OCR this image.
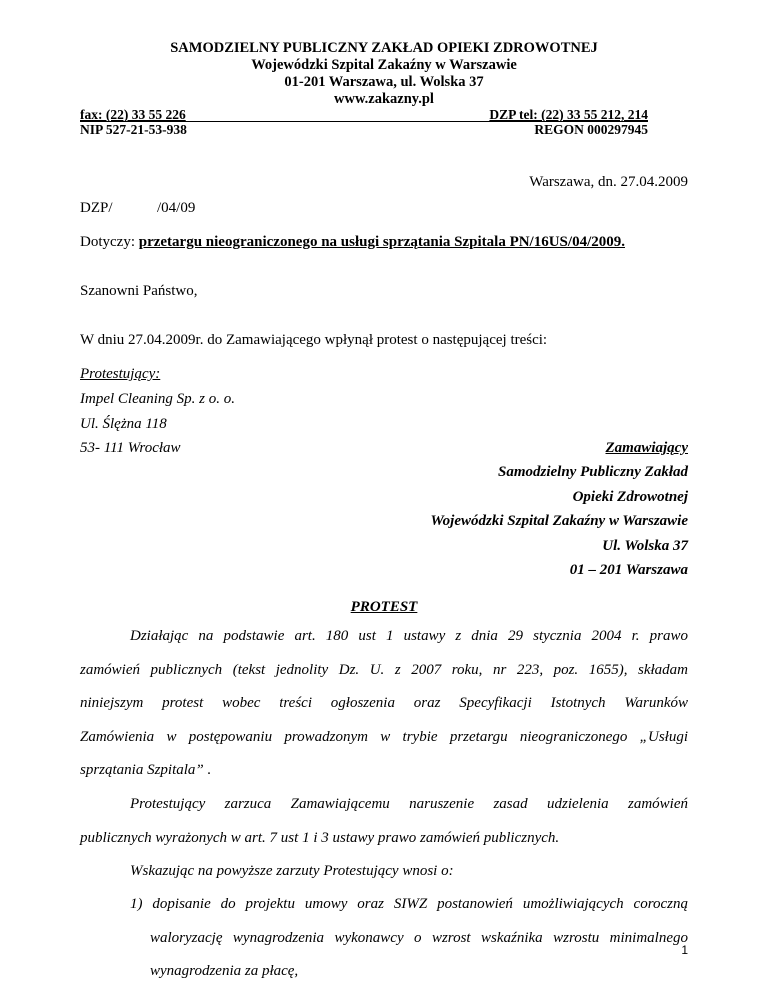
SAMODZIELNY PUBLICZNY ZAKŁAD OPIEKI ZDROWOTNEJ
Wojewódzki Szpital Zakaźny w Warszawie
01-201 Warszawa, ul. Wolska 37
www.zakazny.pl
fax: (22) 33 55 226	DZP tel: (22) 33 55 212, 214
NIP 527-21-53-938	REGON 000297945
Warszawa, dn. 27.04.2009
DZP/	/04/09
Dotyczy: przetargu nieograniczonego na usługi sprzątania Szpitala PN/16US/04/2009.
Szanowni Państwo,
W dniu 27.04.2009r. do Zamawiającego wpłynął protest o następującej treści:
Protestujący:
Impel Cleaning Sp. z o. o.
Ul. Ślężna 118
53- 111 Wrocław	Zamawiający
Samodzielny Publiczny Zakład
Opieki Zdrowotnej
Wojewódzki Szpital Zakaźny w Warszawie
Ul. Wolska 37
01 – 201 Warszawa
PROTEST
Działając na podstawie art. 180 ust 1 ustawy z dnia 29 stycznia 2004 r. prawo
zamówień publicznych (tekst jednolity Dz. U. z 2007 roku, nr 223, poz. 1655), składam
niniejszym protest wobec treści ogłoszenia oraz Specyfikacji Istotnych Warunków
Zamówienia w postępowaniu prowadzonym w trybie przetargu nieograniczonego „Usługi
sprzątania Szpitala” .
Protestujący zarzuca Zamawiającemu naruszenie zasad udzielenia zamówień
publicznych wyrażonych w art. 7 ust 1 i 3 ustawy prawo zamówień publicznych.
Wskazując na powyższe zarzuty Protestujący wnosi o:
1) dopisanie do projektu umowy oraz SIWZ postanowień umożliwiających coroczną
waloryzację wynagrodzenia wykonawcy o wzrost wskaźnika wzrostu minimalnego
wynagrodzenia za płacę,
1
